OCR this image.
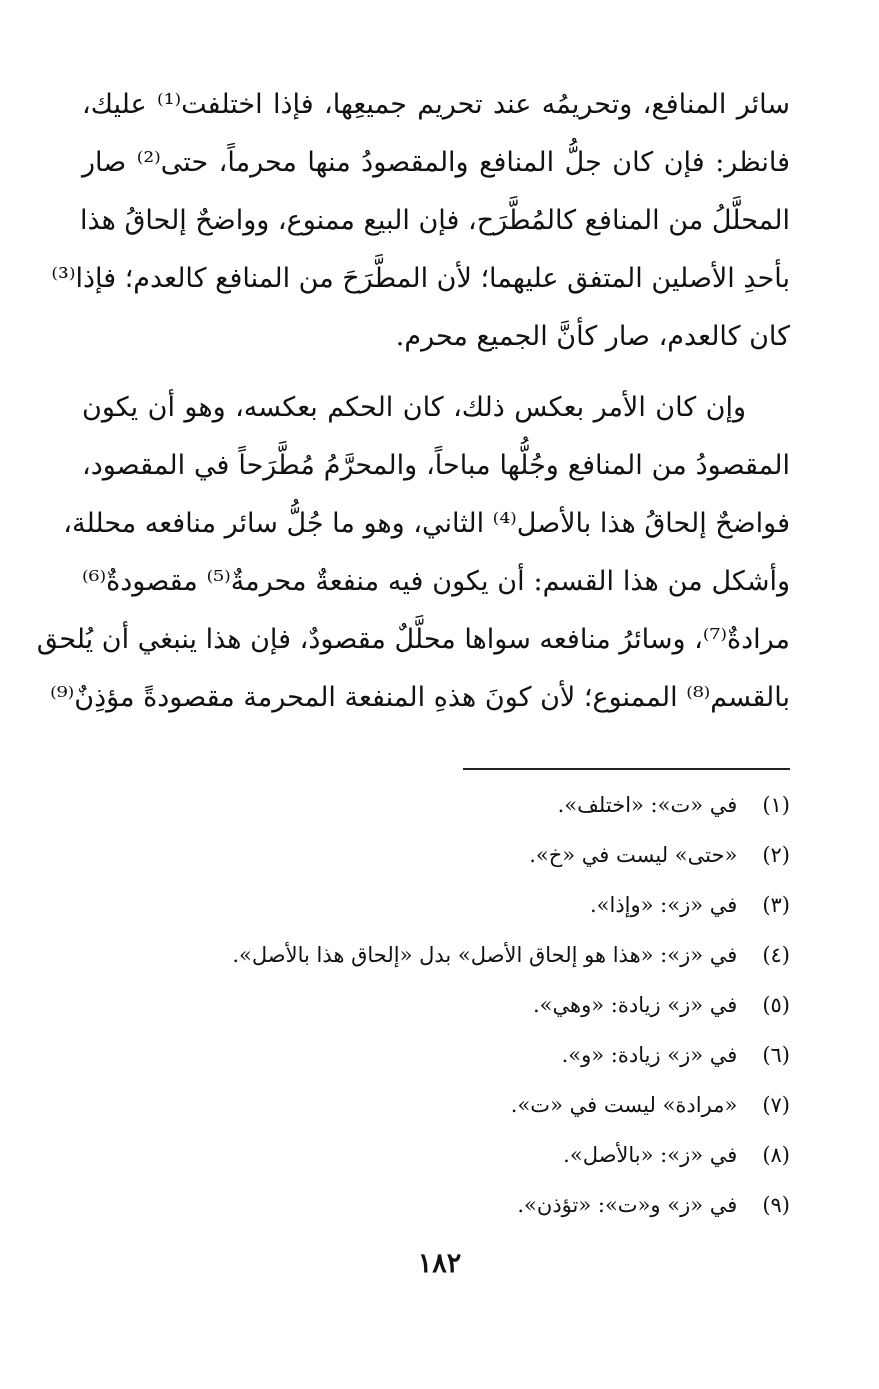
سائر المنافع، وتحريمُه عند تحريم جميعِها، فإذا اختلفت⁽¹⁾ عليك،
فانظر: فإن كان جلُّ المنافع والمقصودُ منها محرماً، حتى⁽²⁾ صار
المحلَّلُ من المنافع كالمُطَّرَح، فإن البيع ممنوع، وواضحٌ إلحاقُ هذا
بأحدِ الأصلين المتفق عليهما؛ لأن المطَّرَحَ من المنافع كالعدم؛ فإذا⁽³⁾
كان كالعدم، صار كأنَّ الجميع محرم.
وإن كان الأمر بعكس ذلك، كان الحكم بعكسه، وهو أن يكون
المقصودُ من المنافع وجُلُّها مباحاً، والمحرَّمُ مُطَّرَحاً في المقصود،
فواضحٌ إلحاقُ هذا بالأصل⁽⁴⁾ الثاني، وهو ما جُلُّ سائر منافعه محللة،
وأشكل من هذا القسم: أن يكون فيه منفعةٌ محرمةٌ⁽⁵⁾ مقصودةٌ⁽⁶⁾
مرادةٌ⁽⁷⁾، وسائرُ منافعه سواها محلَّلٌ مقصودٌ، فإن هذا ينبغي أن يُلحق
بالقسم⁽⁸⁾ الممنوع؛ لأن كونَ هذهِ المنفعة المحرمة مقصودةً مؤذِنٌ⁽⁹⁾
(١) في «ت»: «اختلف».
(٢) «حتى» ليست في «خ».
(٣) في «ز»: «وإذا».
(٤) في «ز»: «هذا هو إلحاق الأصل» بدل «إلحاق هذا بالأصل».
(٥) في «ز» زيادة: «وهي».
(٦) في «ز» زيادة: «و».
(٧) «مرادة» ليست في «ت».
(٨) في «ز»: «بالأصل».
(٩) في «ز» و«ت»: «تؤذن».
١٨٢
